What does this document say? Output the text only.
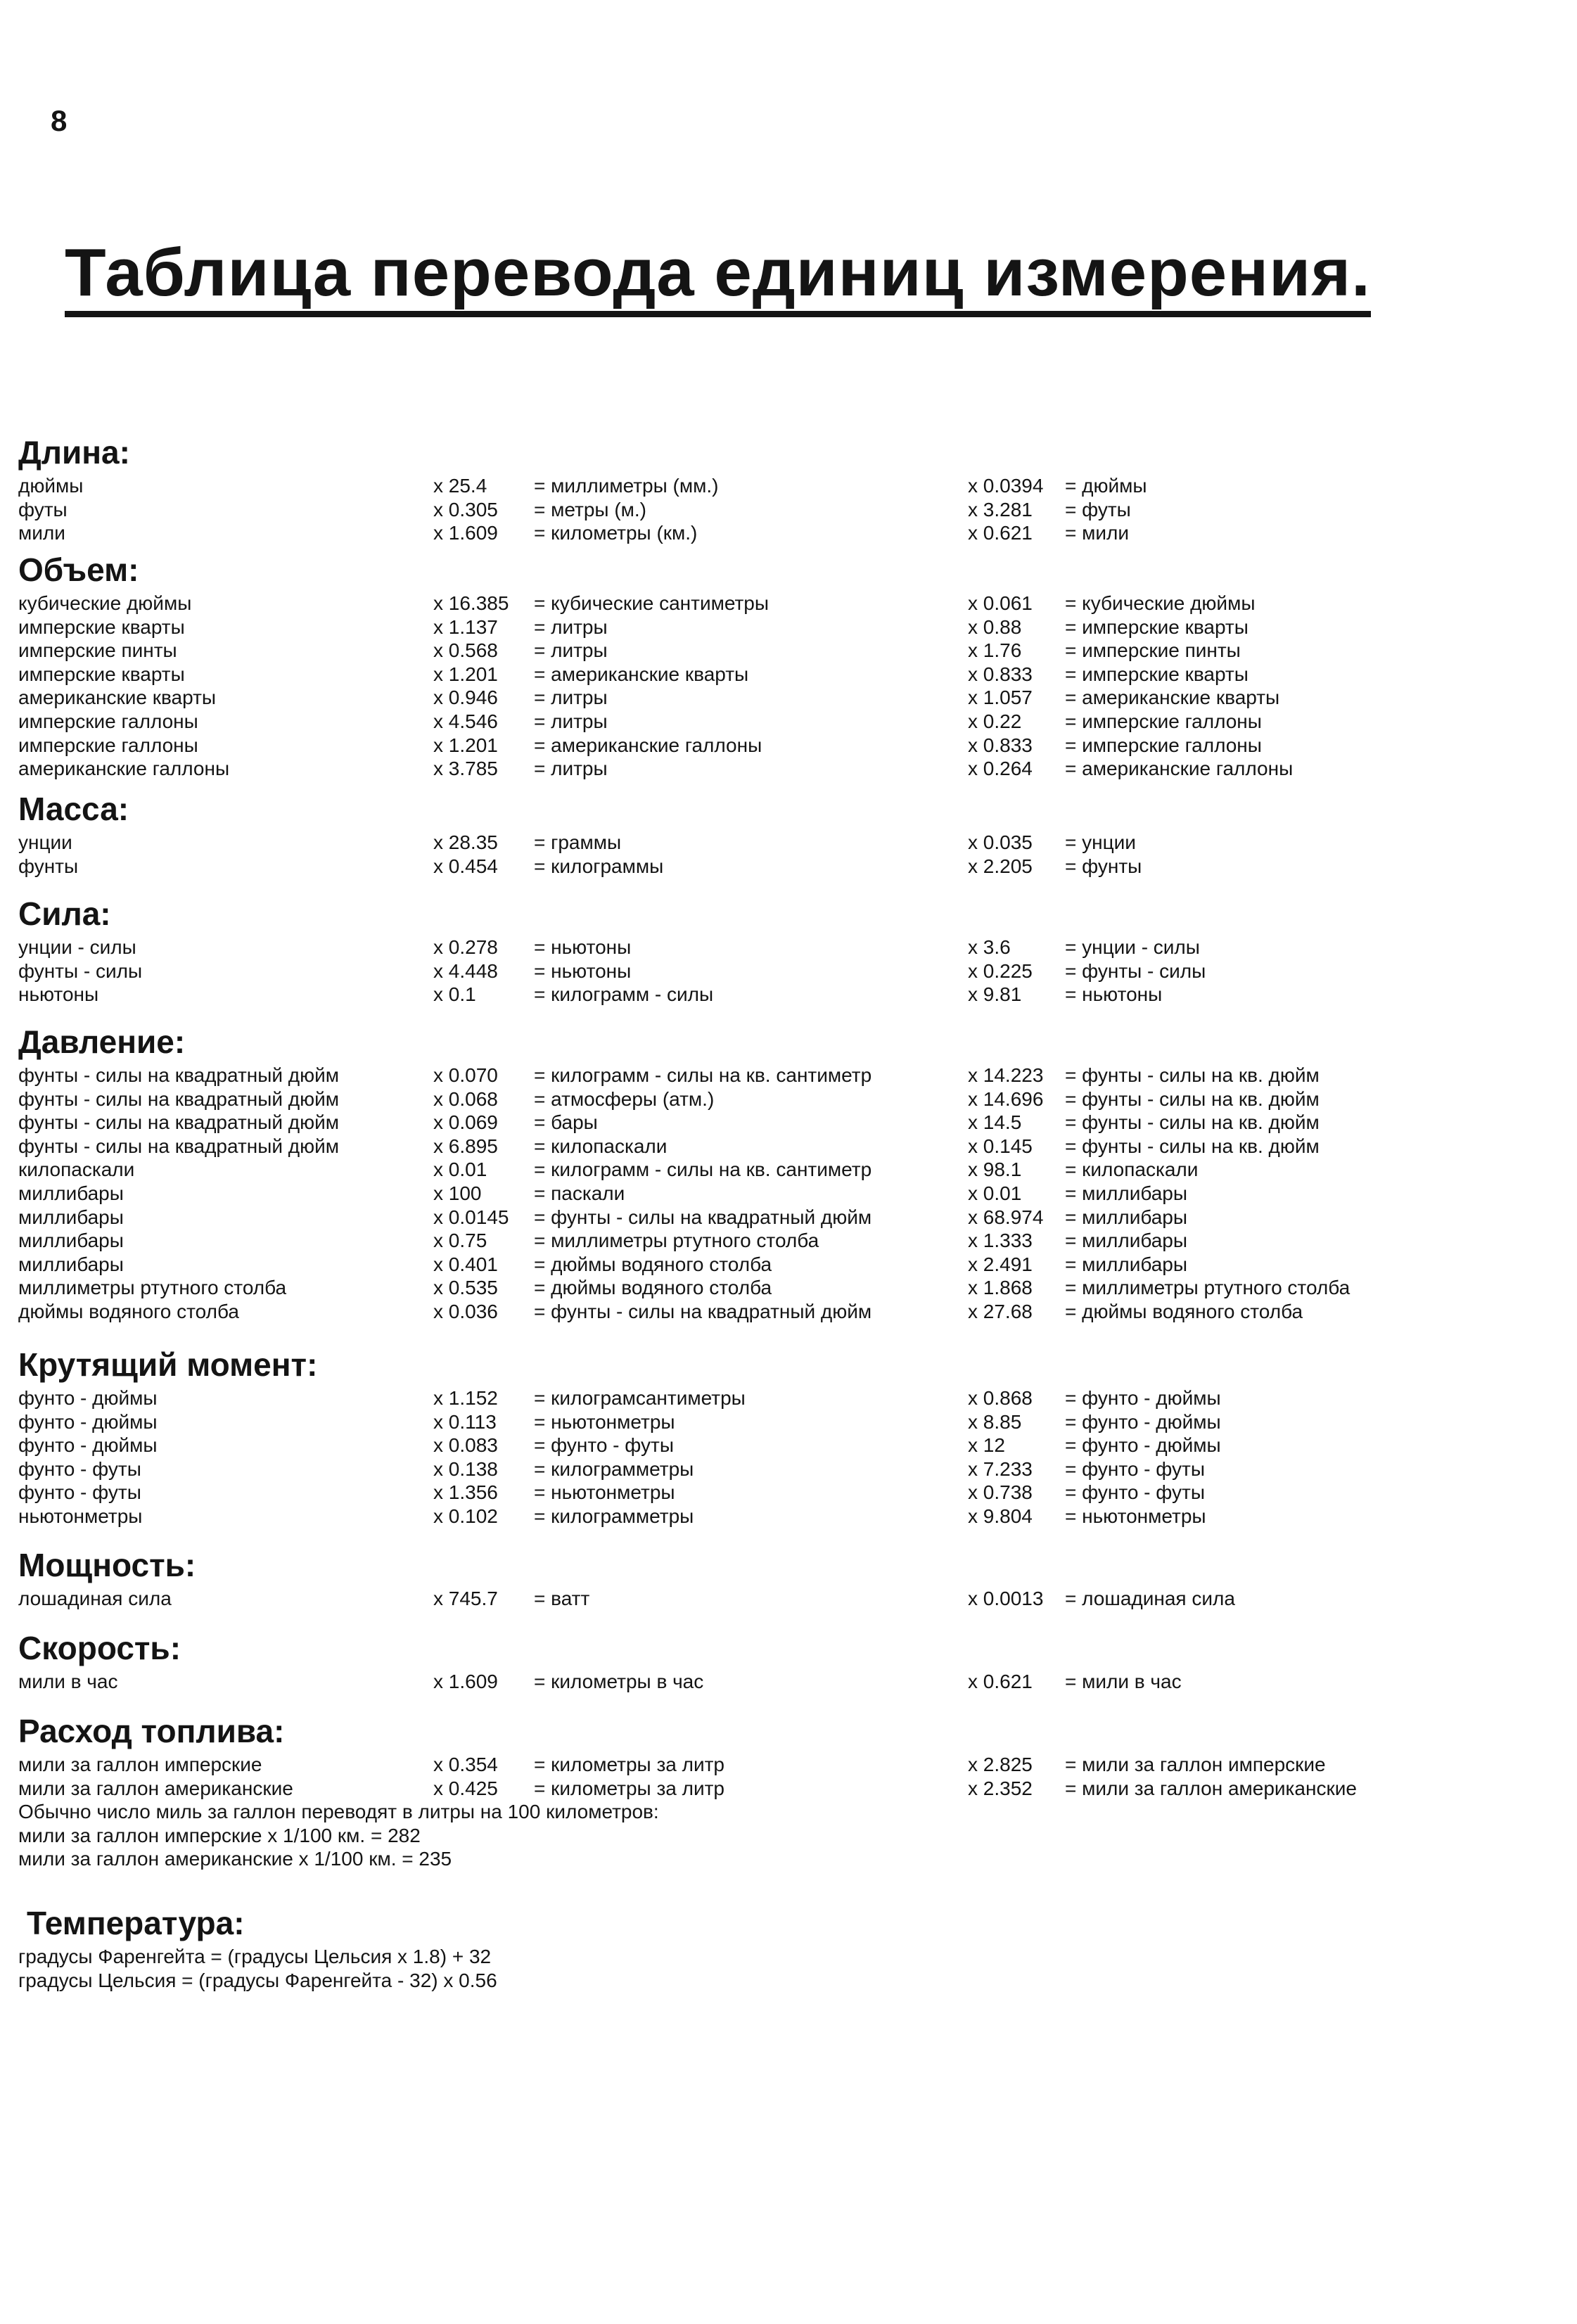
8
Таблица перевода единиц измерения.
Длина:
дюймы	x 25.4	= миллиметры (мм.)	x 0.0394	= дюймы
футы	x 0.305	= метры (м.)	x 3.281	= футы
мили	x 1.609	= километры (км.)	x 0.621	= мили
Объем:
кубические дюймы	x 16.385	= кубические сантиметры	x 0.061	= кубические дюймы
имперские кварты	x 1.137	= литры	x 0.88	= имперские кварты
имперские пинты	x 0.568	= литры	x 1.76	= имперские пинты
имперские кварты	x 1.201	= американские кварты	x 0.833	= имперские кварты
американские кварты	x 0.946	= литры	x 1.057	= американские кварты
имперские галлоны	x 4.546	= литры	x 0.22	= имперские галлоны
имперские галлоны	x 1.201	= американские галлоны	x 0.833	= имперские галлоны
американские галлоны	x 3.785	= литры	x 0.264	= американские галлоны
Масса:
унции	x 28.35	= граммы	x 0.035	= унции
фунты	x 0.454	= килограммы	x 2.205	= фунты
Сила:
унции - силы	x 0.278	= ньютоны	x 3.6	= унции - силы
фунты - силы	x 4.448	= ньютоны	x 0.225	= фунты - силы
ньютоны	x 0.1	= килограмм - силы	x 9.81	= ньютоны
Давление:
фунты - силы на квадратный дюйм	x 0.070	= килограмм - силы на кв. сантиметр	x 14.223	= фунты - силы на кв. дюйм
фунты - силы на квадратный дюйм	x 0.068	= атмосферы (атм.)	x 14.696	= фунты - силы на кв. дюйм
фунты - силы на квадратный дюйм	x 0.069	= бары	x 14.5	= фунты - силы на кв. дюйм
фунты - силы на квадратный дюйм	x 6.895	= килопаскали	x 0.145	= фунты - силы на кв. дюйм
килопаскали	x 0.01	= килограмм - силы на кв. сантиметр	x 98.1	= килопаскали
миллибары	x 100	= паскали	x 0.01	= миллибары
миллибары	x 0.0145	= фунты - силы на квадратный дюйм	x 68.974	= миллибары
миллибары	x 0.75	= миллиметры ртутного столба	x 1.333	= миллибары
миллибары	x 0.401	= дюймы водяного столба	x 2.491	= миллибары
миллиметры ртутного столба	x 0.535	= дюймы водяного столба	x 1.868	= миллиметры ртутного столба
дюймы водяного столба	x 0.036	= фунты - силы на квадратный дюйм	x 27.68	= дюймы водяного столба
Крутящий момент:
фунто - дюймы	x 1.152	= килограмсантиметры	x 0.868	= фунто - дюймы
фунто - дюймы	x 0.113	= ньютонметры	x 8.85	= фунто - дюймы
фунто - дюймы	x 0.083	= фунто - футы	x 12	= фунто - дюймы
фунто - футы	x 0.138	= килограмметры	x 7.233	= фунто - футы
фунто - футы	x 1.356	= ньютонметры	x 0.738	= фунто - футы
ньютонметры	x 0.102	= килограмметры	x 9.804	= ньютонметры
Мощность:
лошадиная сила	x 745.7	= ватт	x 0.0013	= лошадиная сила
Скорость:
мили в час	x 1.609	= километры в час	x 0.621	= мили в час
Расход топлива:
мили за галлон имперские	x 0.354	= километры за литр	x 2.825	= мили за галлон имперские
мили за галлон американские	x 0.425	= километры за литр	x 2.352	= мили за галлон американские
Обычно число миль за галлон переводят в литры на 100 километров:
мили за галлон имперские x 1/100 км. = 282
мили за галлон американские x 1/100 км. = 235
Температура:
градусы Фаренгейта = (градусы Цельсия x 1.8) + 32
градусы Цельсия = (градусы Фаренгейта - 32) x 0.56
